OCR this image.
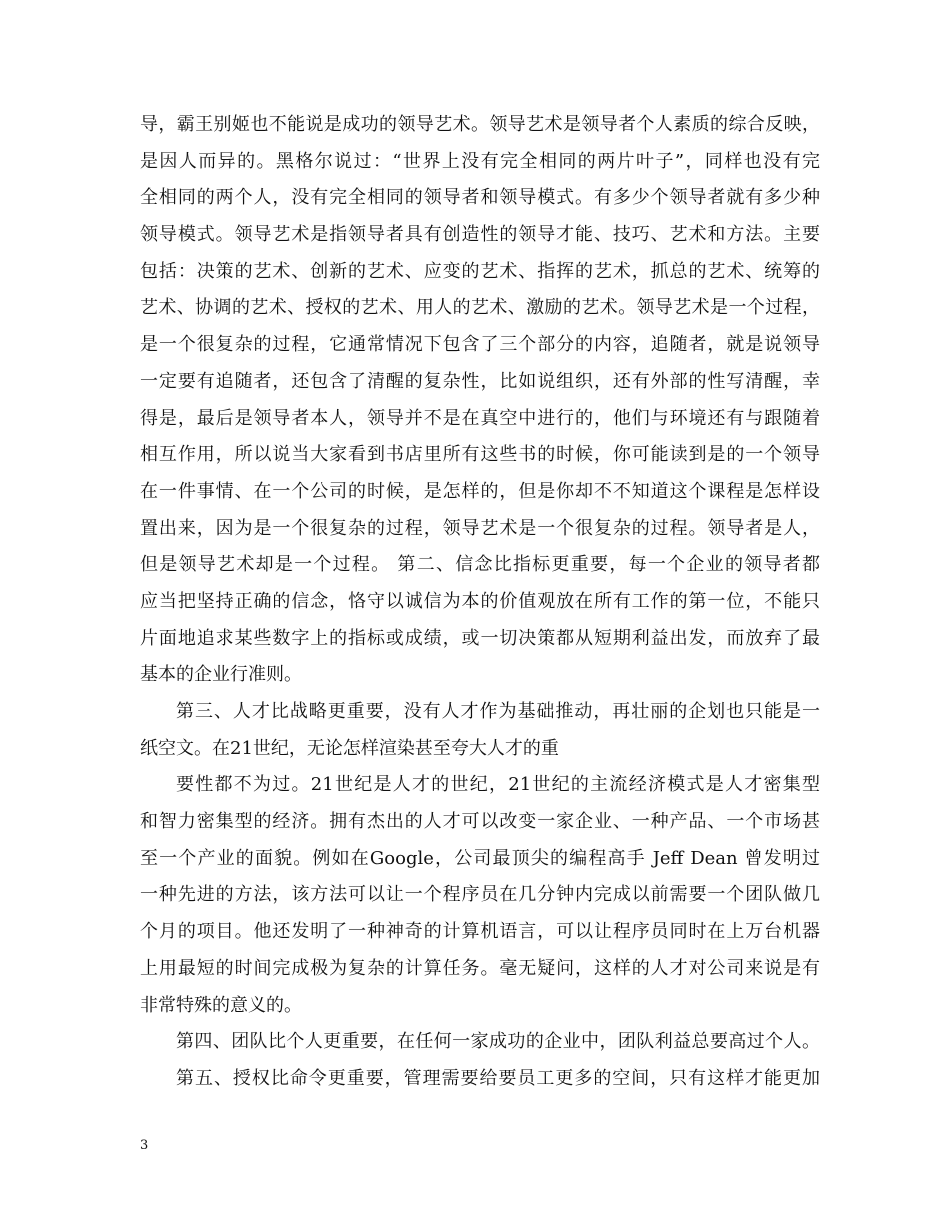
导，霸王别姬也不能说是成功的领导艺术。领导艺术是领导者个人素质的综合反映，
是因人而异的。黑格尔说过：“世界上没有完全相同的两片叶子”，同样也没有完
全相同的两个人，没有完全相同的领导者和领导模式。有多少个领导者就有多少种
领导模式。领导艺术是指领导者具有创造性的领导才能、技巧、艺术和方法。主要
包括：决策的艺术、创新的艺术、应变的艺术、指挥的艺术，抓总的艺术、统筹的
艺术、协调的艺术、授权的艺术、用人的艺术、激励的艺术。领导艺术是一个过程，
是一个很复杂的过程，它通常情况下包含了三个部分的内容，追随者，就是说领导
一定要有追随者，还包含了清醒的复杂性，比如说组织，还有外部的性写清醒，幸
得是，最后是领导者本人，领导并不是在真空中进行的，他们与环境还有与跟随着
相互作用，所以说当大家看到书店里所有这些书的时候，你可能读到是的一个领导
在一件事情、在一个公司的时候，是怎样的，但是你却不不知道这个课程是怎样设
置出来，因为是一个很复杂的过程，领导艺术是一个很复杂的过程。领导者是人，
但是领导艺术却是一个过程。 第二、信念比指标更重要，每一个企业的领导者都
应当把坚持正确的信念，恪守以诚信为本的价值观放在所有工作的第一位，不能只
片面地追求某些数字上的指标或成绩，或一切决策都从短期利益出发，而放弃了最
基本的企业行准则。
第三、人才比战略更重要，没有人才作为基础推动，再壮丽的企划也只能是一
纸空文。在21世纪，无论怎样渲染甚至夸大人才的重
要性都不为过。21世纪是人才的世纪，21世纪的主流经济模式是人才密集型
和智力密集型的经济。拥有杰出的人才可以改变一家企业、一种产品、一个市场甚
至一个产业的面貌。例如在Google，公司最顶尖的编程高手 Jeff Dean 曾发明过
一种先进的方法，该方法可以让一个程序员在几分钟内完成以前需要一个团队做几
个月的项目。他还发明了一种神奇的计算机语言，可以让程序员同时在上万台机器
上用最短的时间完成极为复杂的计算任务。毫无疑问，这样的人才对公司来说是有
非常特殊的意义的。
第四、团队比个人更重要，在任何一家成功的企业中，团队利益总要高过个人。
第五、授权比命令更重要，管理需要给要员工更多的空间，只有这样才能更加
3
